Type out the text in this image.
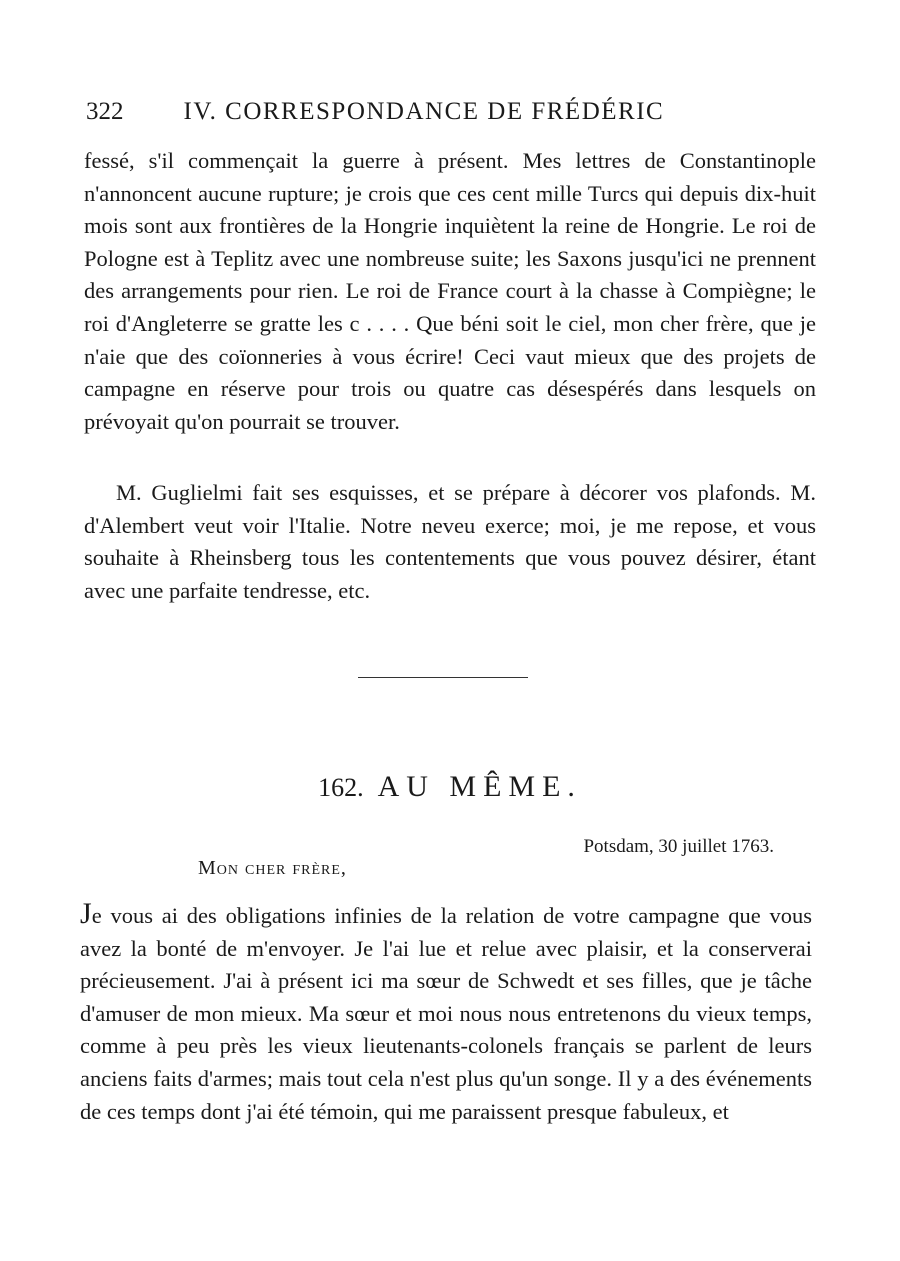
322 IV. CORRESPONDANCE DE FRÉDÉRIC

fessé, s'il commençait la guerre à présent. Mes lettres de Constantinople n'annoncent aucune rupture; je crois que ces cent mille Turcs qui depuis dix-huit mois sont aux frontières de la Hongrie inquiètent la reine de Hongrie. Le roi de Pologne est à Teplitz avec une nombreuse suite; les Saxons jusqu'ici ne prennent des arrangements pour rien. Le roi de France court à la chasse à Compiègne; le roi d'Angleterre se gratte les c . . . . Que béni soit le ciel, mon cher frère, que je n'aie que des coïonneries à vous écrire! Ceci vaut mieux que des projets de campagne en réserve pour trois ou quatre cas désespérés dans lesquels on prévoyait qu'on pourrait se trouver.

M. Guglielmi fait ses esquisses, et se prépare à décorer vos plafonds. M. d'Alembert veut voir l'Italie. Notre neveu exerce; moi, je me repose, et vous souhaite à Rheinsberg tous les contentements que vous pouvez désirer, étant avec une parfaite tendresse, etc.

162. AU MÊME.
Potsdam, 30 juillet 1763.
Mon cher frère,

Je vous ai des obligations infinies de la relation de votre campagne que vous avez la bonté de m'envoyer. Je l'ai lue et relue avec plaisir, et la conserverai précieusement. J'ai à présent ici ma sœur de Schwedt et ses filles, que je tâche d'amuser de mon mieux. Ma sœur et moi nous nous entretenons du vieux temps, comme à peu près les vieux lieutenants-colonels français se parlent de leurs anciens faits d'armes; mais tout cela n'est plus qu'un songe. Il y a des événements de ces temps dont j'ai été témoin, qui me paraissent presque fabuleux, et
